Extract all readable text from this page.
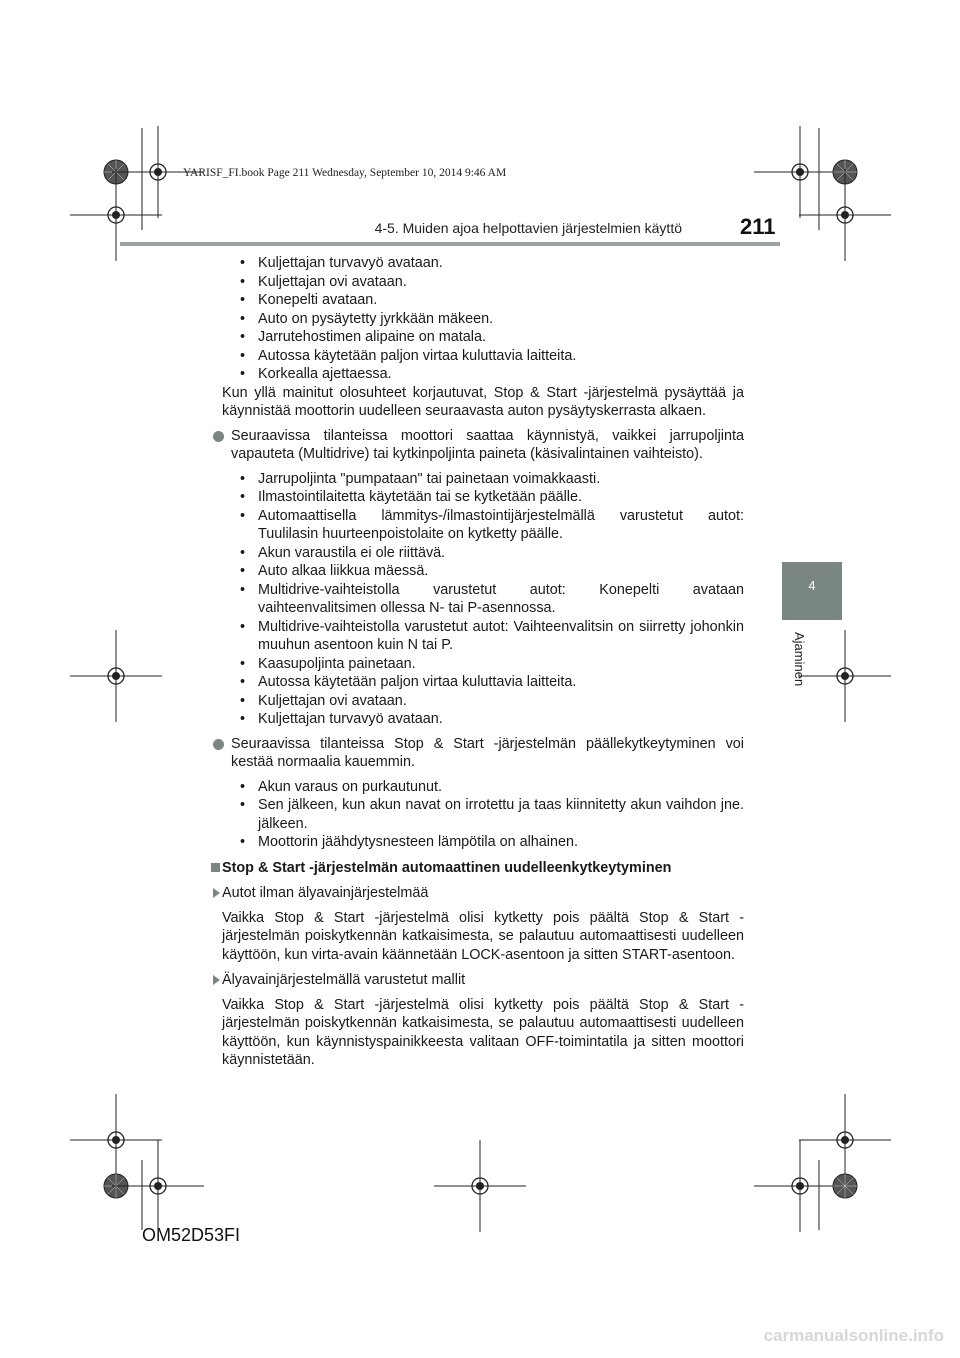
YARISF_FI.book Page 211 Wednesday, September 10, 2014 9:46 AM
4-5. Muiden ajoa helpottavien järjestelmien käyttö	211
4
Ajaminen
• Kuljettajan turvavyö avataan.
• Kuljettajan ovi avataan.
• Konepelti avataan.
• Auto on pysäytetty jyrkkään mäkeen.
• Jarrutehostimen alipaine on matala.
• Autossa käytetään paljon virtaa kuluttavia laitteita.
• Korkealla ajettaessa.

Kun yllä mainitut olosuhteet korjautuvat, Stop & Start -järjestelmä pysäyttää ja käynnistää moottorin uudelleen seuraavasta auton pysäytyskerrasta alkaen.

Seuraavissa tilanteissa moottori saattaa käynnistyä, vaikkei jarrupoljinta vapauteta (Multidrive) tai kytkinpoljinta paineta (käsivalintainen vaihteisto).

• Jarrupoljinta "pumpataan" tai painetaan voimakkaasti.
• Ilmastointilaitetta käytetään tai se kytketään päälle.
• Automaattisella lämmitys-/ilmastointijärjestelmällä varustetut autot: Tuulilasin huurteenpoistolaite on kytketty päälle.
• Akun varaustila ei ole riittävä.
• Auto alkaa liikkua mäessä.
• Multidrive-vaihteistolla varustetut autot: Konepelti avataan vaihteenvalitsimen ollessa N- tai P-asennossa.
• Multidrive-vaihteistolla varustetut autot: Vaihteenvalitsin on siirretty johonkin muuhun asentoon kuin N tai P.
• Kaasupoljinta painetaan.
• Autossa käytetään paljon virtaa kuluttavia laitteita.
• Kuljettajan ovi avataan.
• Kuljettajan turvavyö avataan.

Seuraavissa tilanteissa Stop & Start -järjestelmän päällekytkeytyminen voi kestää normaalia kauemmin.

• Akun varaus on purkautunut.
• Sen jälkeen, kun akun navat on irrotettu ja taas kiinnitetty akun vaihdon jne. jälkeen.
• Moottorin jäähdytysnesteen lämpötila on alhainen.

Stop & Start -järjestelmän automaattinen uudelleenkytkeytyminen

Autot ilman älyavainjärjestelmää

Vaikka Stop & Start -järjestelmä olisi kytketty pois päältä Stop & Start -järjestelmän poiskytkennän katkaisimesta, se palautuu automaattisesti uudelleen käyttöön, kun virta-avain käännetään LOCK-asentoon ja sitten START-asentoon.

Älyavainjärjestelmällä varustetut mallit

Vaikka Stop & Start -järjestelmä olisi kytketty pois päältä Stop & Start -järjestelmän poiskytkennän katkaisimesta, se palautuu automaattisesti uudelleen käyttöön, kun käynnistyspainikkeesta valitaan OFF-toimintatila ja sitten moottori käynnistetään.

OM52D53FI
carmanualsonline.info
